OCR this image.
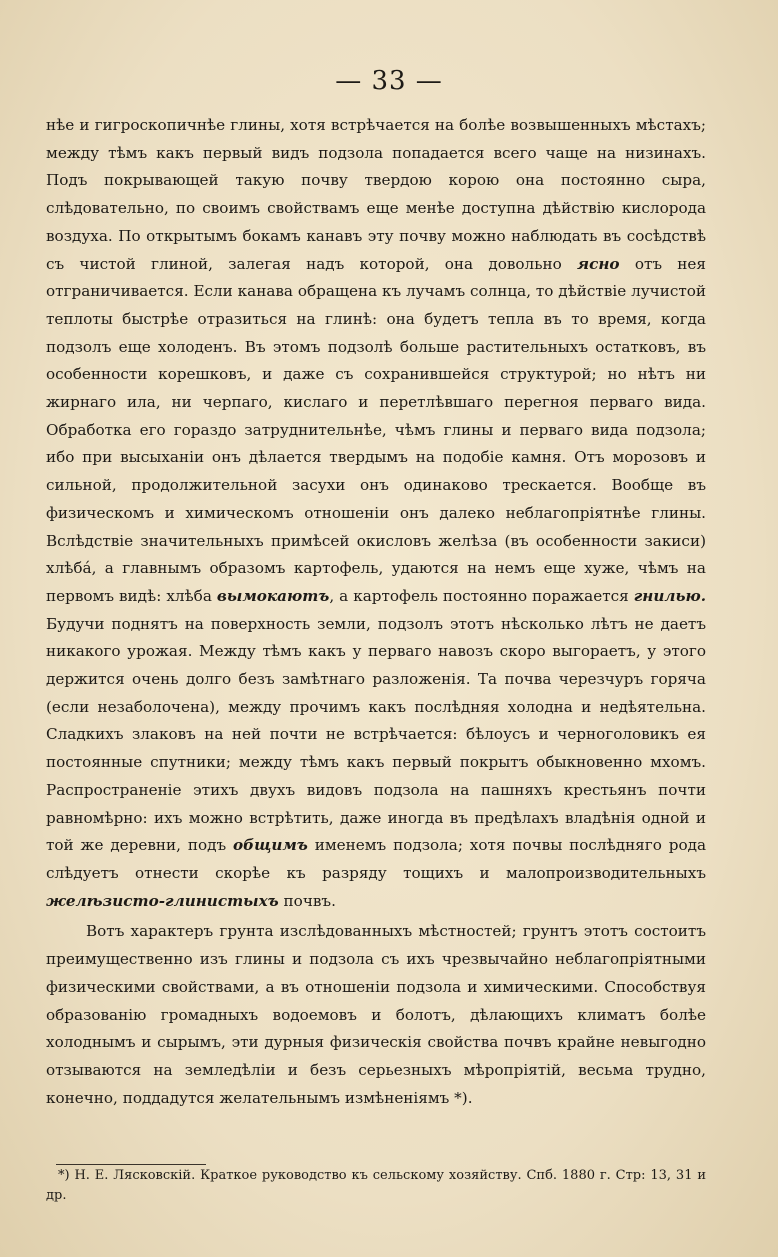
— 33 —

нѣе и гигроскопичнѣе глины, хотя встрѣчается на болѣе возвышенныхъ мѣстахъ; между тѣмъ какъ первый видъ подзола попадается всего чаще на низинахъ. Подъ покрывающей такую почву твердою корою она постоянно сыра, слѣдовательно, по своимъ свойствамъ еще менѣе доступна дѣйствію кислорода воздуха. По открытымъ бокамъ канавъ эту почву можно наблюдать въ сосѣдствѣ съ чистой глиной, залегая надъ которой, она довольно ясно отъ нея отграничивается. Если канава обращена къ лучамъ солнца, то дѣйствіе лучистой теплоты быстрѣе отразиться на глинѣ: она будетъ тепла въ то время, когда подзолъ еще холоденъ. Въ этомъ подзолѣ больше растительныхъ остатковъ, въ особенности корешковъ, и даже съ сохранившейся структурой; но нѣтъ ни жирнаго ила, ни черпаго, кислаго и перетлѣвшаго перегноя перваго вида. Обработка его гораздо затруднительнѣе, чѣмъ глины и перваго вида подзола; ибо при высыханіи онъ дѣлается твердымъ на подобіе камня. Отъ морозовъ и сильной, продолжительной засухи онъ одинаково трескается. Вообще въ физическомъ и химическомъ отношеніи онъ далеко неблагопріятнѣе глины. Вслѣдствіе значительныхъ примѣсей окисловъ желѣза (въ особенности закиси) хлѣбá, а главнымъ образомъ картофель, удаются на немъ еще хуже, чѣмъ на первомъ видѣ: хлѣба вымокаютъ, а картофель постоянно поражается гнилью. Будучи поднятъ на поверхность земли, подзолъ этотъ нѣсколько лѣтъ не даетъ никакого урожая. Между тѣмъ какъ у перваго навозъ скоро выгораетъ, у этого держится очень долго безъ замѣтнаго разложенія. Та почва черезчуръ горяча (если незаболочена), между прочимъ какъ послѣдняя холодна и недѣятельна. Сладкихъ злаковъ на ней почти не встрѣчается: бѣлоусъ и черноголовикъ ея постоянные спутники; между тѣмъ какъ первый покрытъ обыкновенно мхомъ. Распространеніе этихъ двухъ видовъ подзола на пашняхъ крестьянъ почти равномѣрно: ихъ можно встрѣтить, даже иногда въ предѣлахъ владѣнія одной и той же деревни, подъ общимъ именемъ подзола; хотя почвы послѣдняго рода слѣдуетъ отнести скорѣе къ разряду тощихъ и малопроизводительныхъ желѣзисто-глинистыхъ почвъ.

Вотъ характеръ грунта изслѣдованныхъ мѣстностей; грунтъ этотъ состоитъ преимущественно изъ глины и подзола съ ихъ чрезвычайно неблагопріятными физическими свойствами, а въ отношеніи подзола и химическими. Способствуя образованію громадныхъ водоемовъ и болотъ, дѣлающихъ климатъ болѣе холоднымъ и сырымъ, эти дурныя физическія свойства почвъ крайне невыгодно отзываются на земледѣліи и безъ серьезныхъ мѣропріятій, весьма трудно, конечно, поддадутся желательнымъ измѣненіямъ *).

*) Н. Е. Лясковскій. Краткое руководство къ сельскому хозяйству. Спб. 1880 г. Стр: 13, 31 и др.
